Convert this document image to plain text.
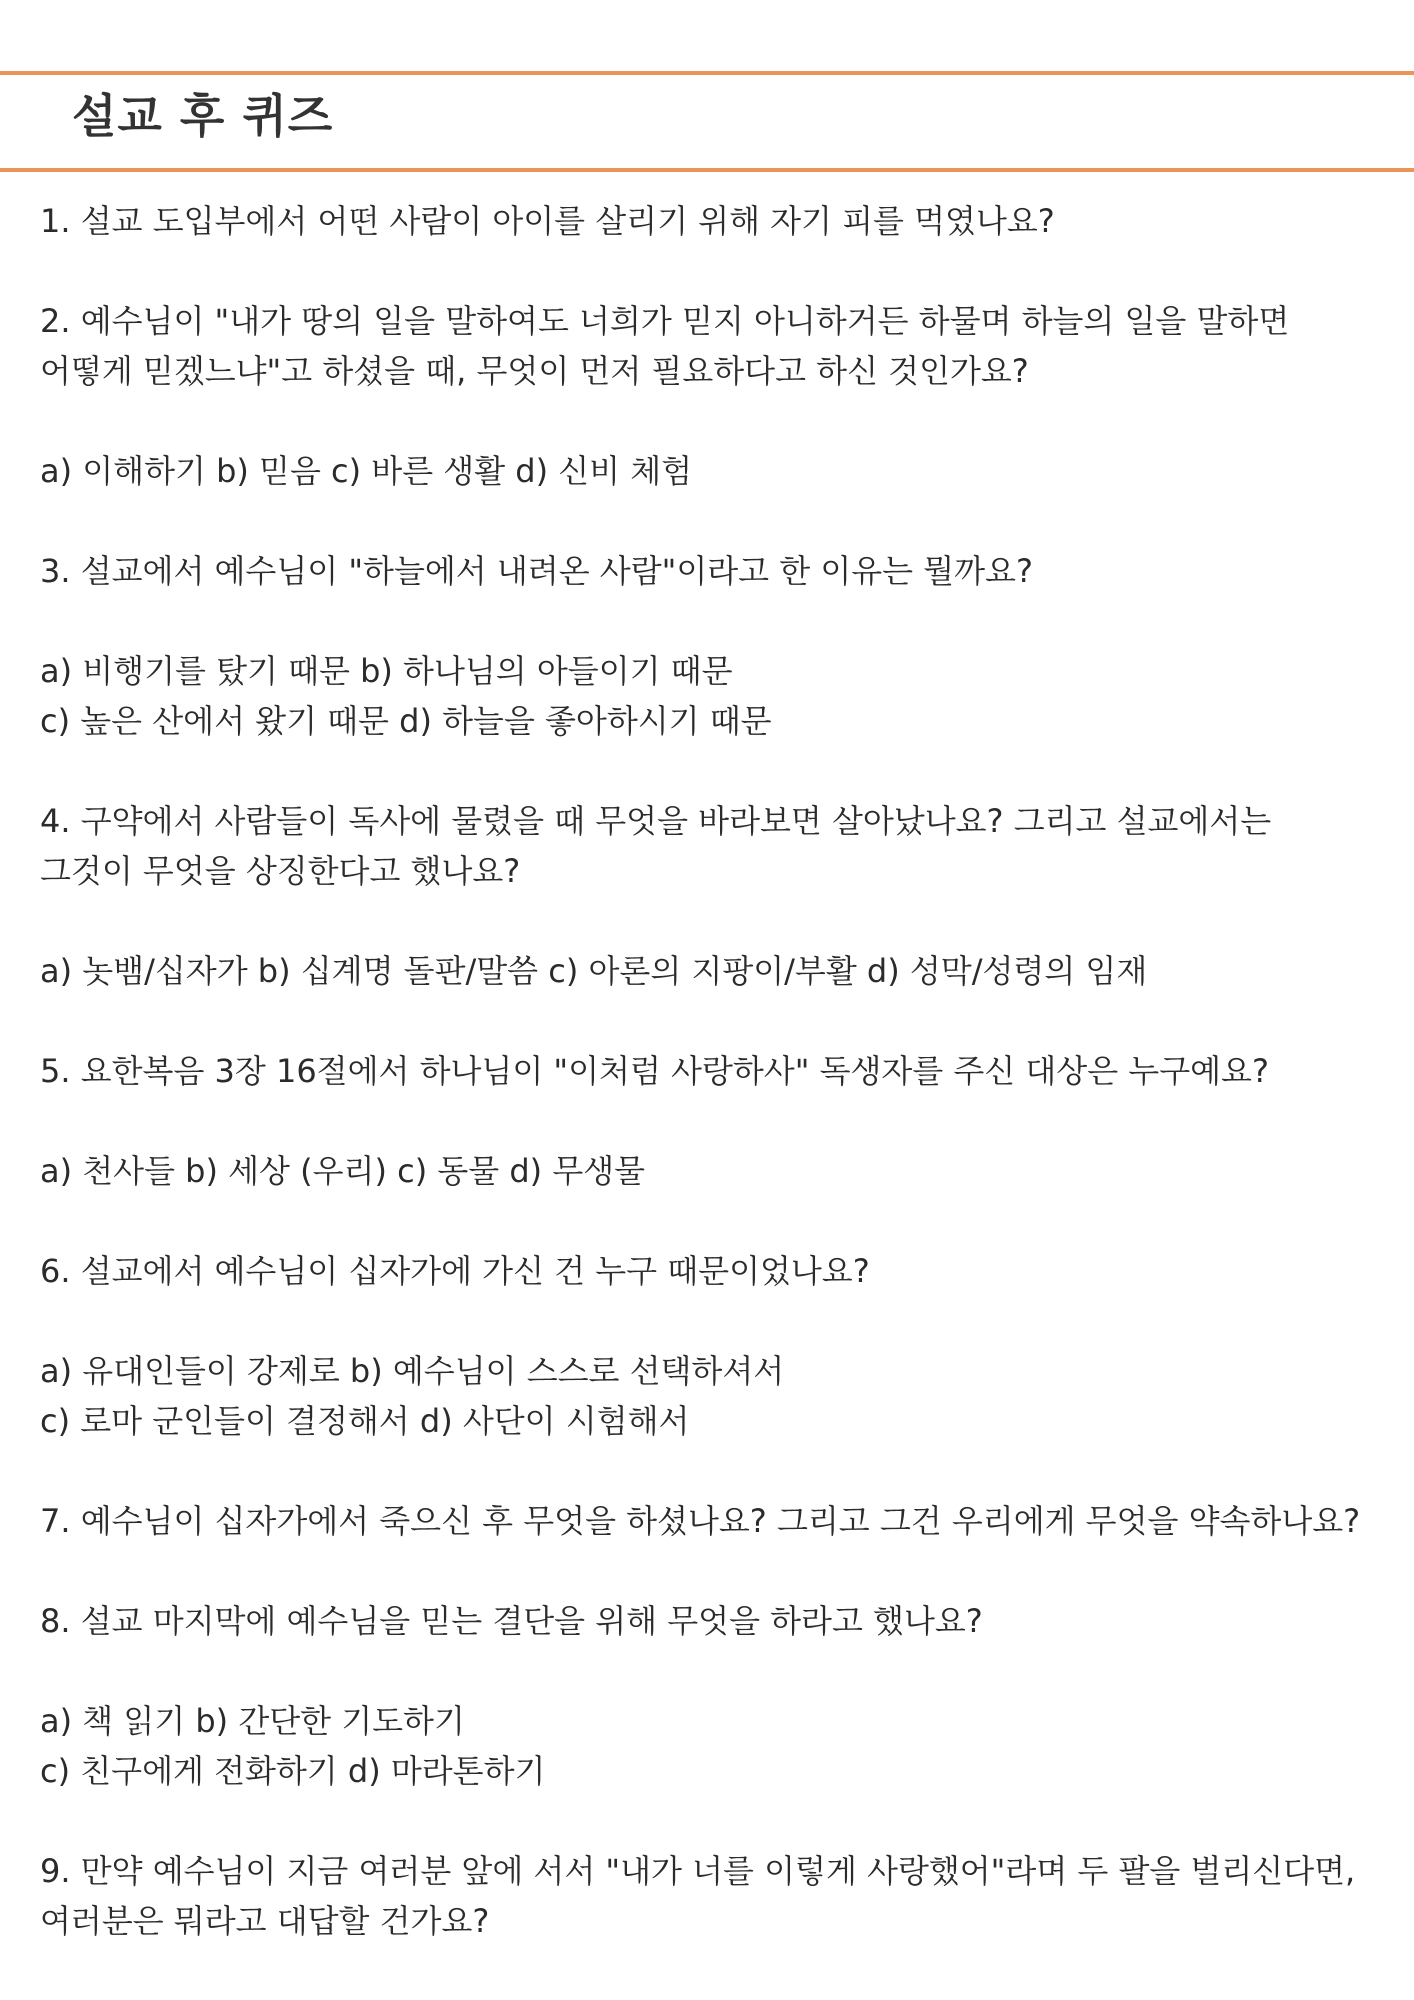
설교 후 퀴즈
1. 설교 도입부에서 어떤 사람이 아이를 살리기 위해 자기 피를 먹였나요?
2. 예수님이 "내가 땅의 일을 말하여도 너희가 믿지 아니하거든 하물며 하늘의 일을 말하면
어떻게 믿겠느냐"고 하셨을 때, 무엇이 먼저 필요하다고 하신 것인가요?
a) 이해하기 b) 믿음 c) 바른 생활 d) 신비 체험
3. 설교에서 예수님이 "하늘에서 내려온 사람"이라고 한 이유는 뭘까요?
a) 비행기를 탔기 때문 b) 하나님의 아들이기 때문
c) 높은 산에서 왔기 때문 d) 하늘을 좋아하시기 때문
4. 구약에서 사람들이 독사에 물렸을 때 무엇을 바라보면 살아났나요? 그리고 설교에서는
그것이 무엇을 상징한다고 했나요?
a) 놋뱀/십자가 b) 십계명 돌판/말씀 c) 아론의 지팡이/부활 d) 성막/성령의 임재
5. 요한복음 3장 16절에서 하나님이 "이처럼 사랑하사" 독생자를 주신 대상은 누구예요?
a) 천사들 b) 세상 (우리) c) 동물 d) 무생물
6. 설교에서 예수님이 십자가에 가신 건 누구 때문이었나요?
a) 유대인들이 강제로 b) 예수님이 스스로 선택하셔서
c) 로마 군인들이 결정해서 d) 사단이 시험해서
7. 예수님이 십자가에서 죽으신 후 무엇을 하셨나요? 그리고 그건 우리에게 무엇을 약속하나요?
8. 설교 마지막에 예수님을 믿는 결단을 위해 무엇을 하라고 했나요?
a) 책 읽기 b) 간단한 기도하기
c) 친구에게 전화하기 d) 마라톤하기
9. 만약 예수님이 지금 여러분 앞에 서서 "내가 너를 이렇게 사랑했어"라며 두 팔을 벌리신다면,
여러분은 뭐라고 대답할 건가요?
